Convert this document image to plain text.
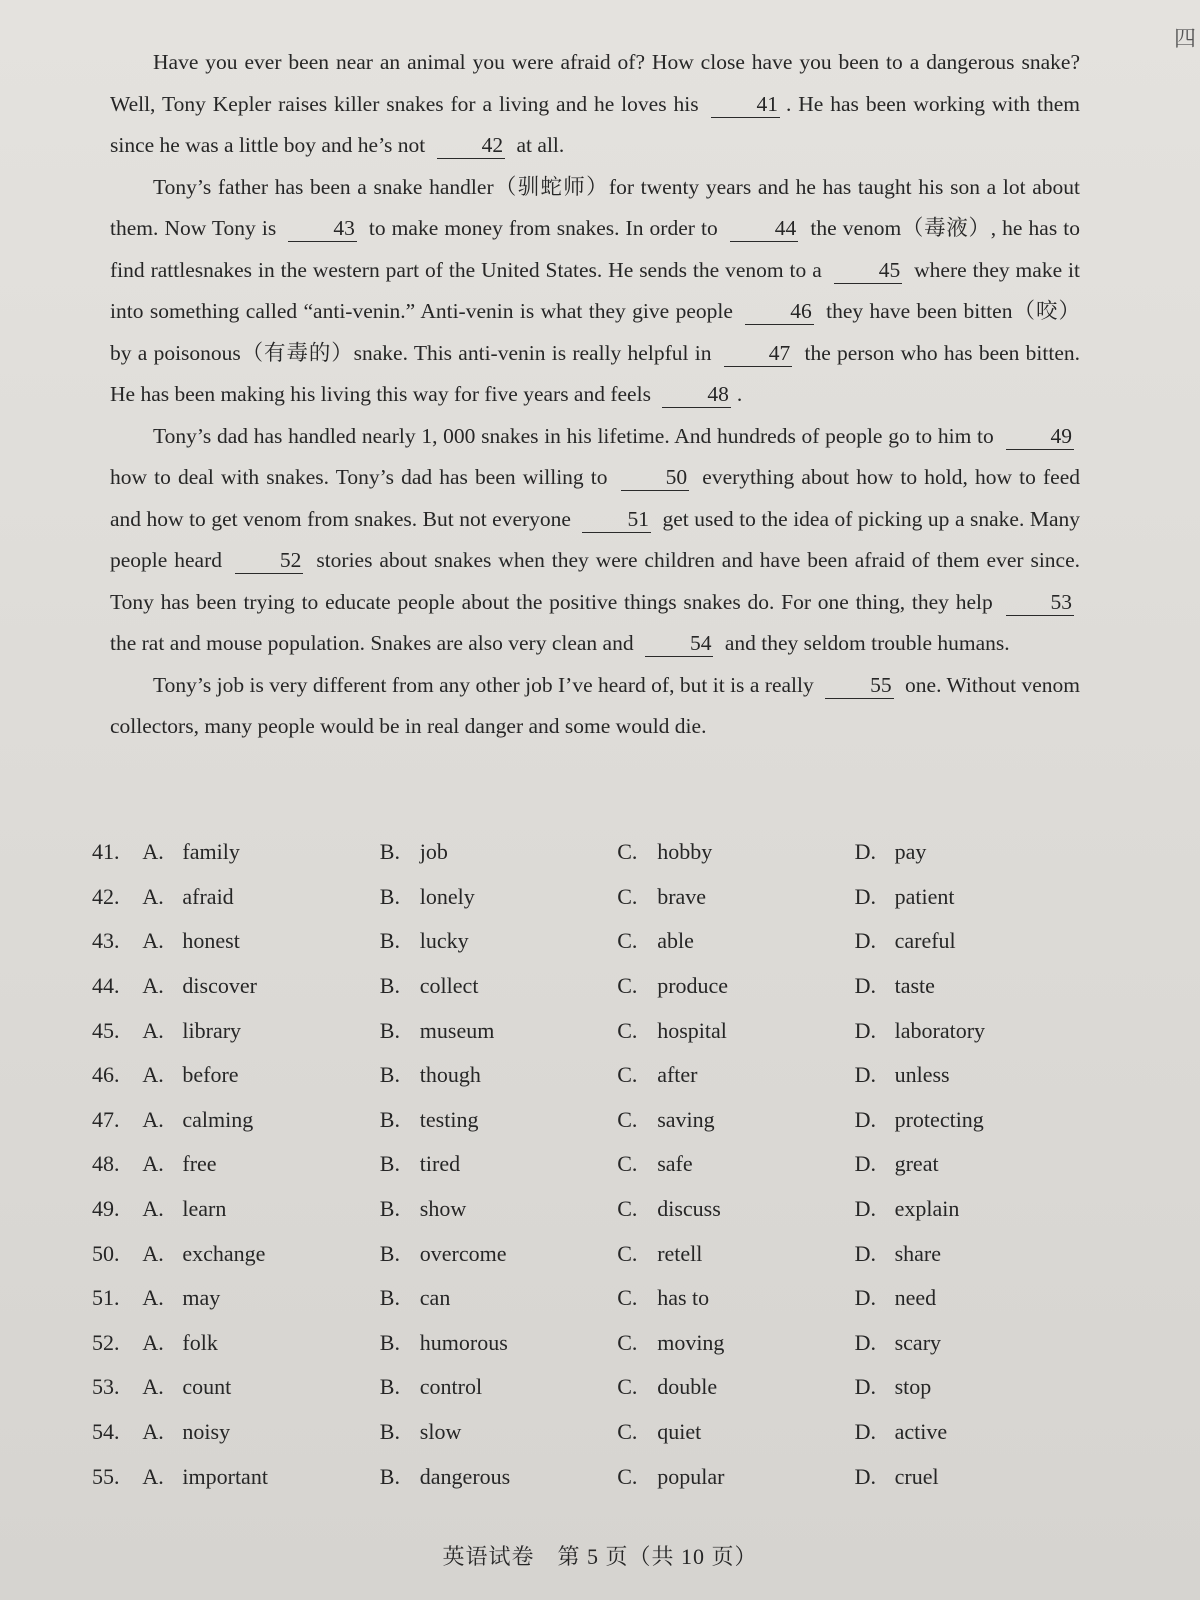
四

Have you ever been near an animal you were afraid of? How close have you been to a dangerous snake? Well, Tony Kepler raises killer snakes for a living and he loves his 41 . He has been working with them since he was a little boy and he’s not 42 at all.

Tony’s father has been a snake handler（驯蛇师）for twenty years and he has taught his son a lot about them. Now Tony is 43 to make money from snakes. In order to 44 the venom（毒液）, he has to find rattlesnakes in the western part of the United States. He sends the venom to a 45 where they make it into something called “anti-venin.” Anti-venin is what they give people 46 they have been bitten（咬）by a poisonous（有毒的）snake. This anti-venin is really helpful in 47 the person who has been bitten. He has been making his living this way for five years and feels 48 .

Tony’s dad has handled nearly 1, 000 snakes in his lifetime. And hundreds of people go to him to 49 how to deal with snakes. Tony’s dad has been willing to 50 everything about how to hold, how to feed and how to get venom from snakes. But not everyone 51 get used to the idea of picking up a snake. Many people heard 52 stories about snakes when they were children and have been afraid of them ever since. Tony has been trying to educate people about the positive things snakes do. For one thing, they help 53 the rat and mouse population. Snakes are also very clean and 54 and they seldom trouble humans.

Tony’s job is very different from any other job I’ve heard of, but it is a really 55 one. Without venom collectors, many people would be in real danger and some would die.

41.	A. family	B. job	C. hobby	D. pay
42.	A. afraid	B. lonely	C. brave	D. patient
43.	A. honest	B. lucky	C. able	D. careful
44.	A. discover	B. collect	C. produce	D. taste
45.	A. library	B. museum	C. hospital	D. laboratory
46.	A. before	B. though	C. after	D. unless
47.	A. calming	B. testing	C. saving	D. protecting
48.	A. free	B. tired	C. safe	D. great
49.	A. learn	B. show	C. discuss	D. explain
50.	A. exchange	B. overcome	C. retell	D. share
51.	A. may	B. can	C. has to	D. need
52.	A. folk	B. humorous	C. moving	D. scary
53.	A. count	B. control	C. double	D. stop
54.	A. noisy	B. slow	C. quiet	D. active
55.	A. important	B. dangerous	C. popular	D. cruel
英语试卷　第 5 页（共 10 页）
